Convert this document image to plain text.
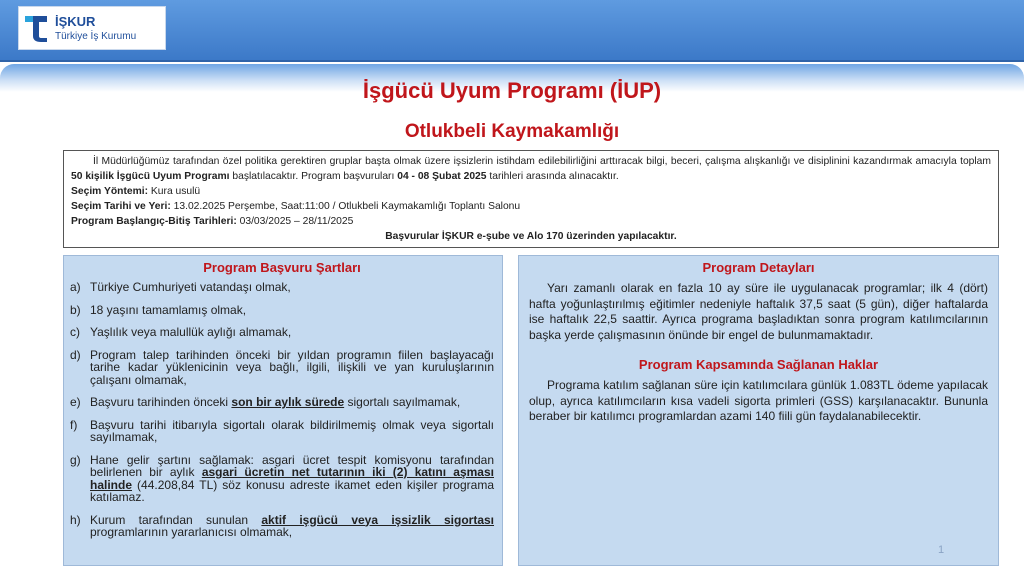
İŞKUR
Türkiye İş Kurumu
İşgücü Uyum Programı (İUP)
Otlukbeli Kaymakamlığı

İl Müdürlüğümüz tarafından özel politika gerektiren gruplar başta olmak üzere işsizlerin istihdam edilebilirliğini arttıracak bilgi, beceri, çalışma alışkanlığı ve disiplinini kazandırmak amacıyla toplam 50 kişilik İşgücü Uyum Programı başlatılacaktır. Program başvuruları 04 - 08 Şubat 2025 tarihleri arasında alınacaktır.

Seçim Yöntemi: Kura usulü

Seçim Tarihi ve Yeri: 13.02.2025 Perşembe, Saat:11:00 / Otlukbeli Kaymakamlığı Toplantı Salonu

Program Başlangıç-Bitiş Tarihleri: 03/03/2025 – 28/11/2025

Başvurular İŞKUR e-şube ve Alo 170 üzerinden yapılacaktır.

Program Başvuru Şartları
a) Türkiye Cumhuriyeti vatandaşı olmak,
b) 18 yaşını tamamlamış olmak,
c) Yaşlılık veya malullük aylığı almamak,
d) Program talep tarihinden önceki bir yıldan programın fiilen başlayacağı tarihe kadar yüklenicinin veya bağlı, ilgili, ilişkili ve yan kuruluşlarının çalışanı olmamak,
e) Başvuru tarihinden önceki son bir aylık sürede sigortalı sayılmamak,
f) Başvuru tarihi itibarıyla sigortalı olarak bildirilmemiş olmak veya sigortalı sayılmamak,
g) Hane gelir şartını sağlamak: asgari ücret tespit komisyonu tarafından belirlenen bir aylık asgari ücretin net tutarının iki (2) katını aşması halinde (44.208,84 TL) söz konusu adreste ikamet eden kişiler programa katılamaz.
h) Kurum tarafından sunulan aktif işgücü veya işsizlik sigortası programlarının yararlanıcısı olmamak,
Program Detayları

Yarı zamanlı olarak en fazla 10 ay süre ile uygulanacak programlar; ilk 4 (dört) hafta yoğunlaştırılmış eğitimler nedeniyle haftalık 37,5 saat (5 gün), diğer haftalarda ise haftalık 22,5 saattir. Ayrıca programa başladıktan sonra program katılımcılarının başka yerde çalışmasının önünde bir engel de bulunmamaktadır.

Program Kapsamında Sağlanan Haklar

Programa katılım sağlanan süre için katılımcılara günlük 1.083TL ödeme yapılacak olup, ayrıca katılımcıların kısa vadeli sigorta primleri (GSS) karşılanacaktır. Bununla beraber bir katılımcı programlardan azami 140 fiili gün faydalanabilecektir.

1
